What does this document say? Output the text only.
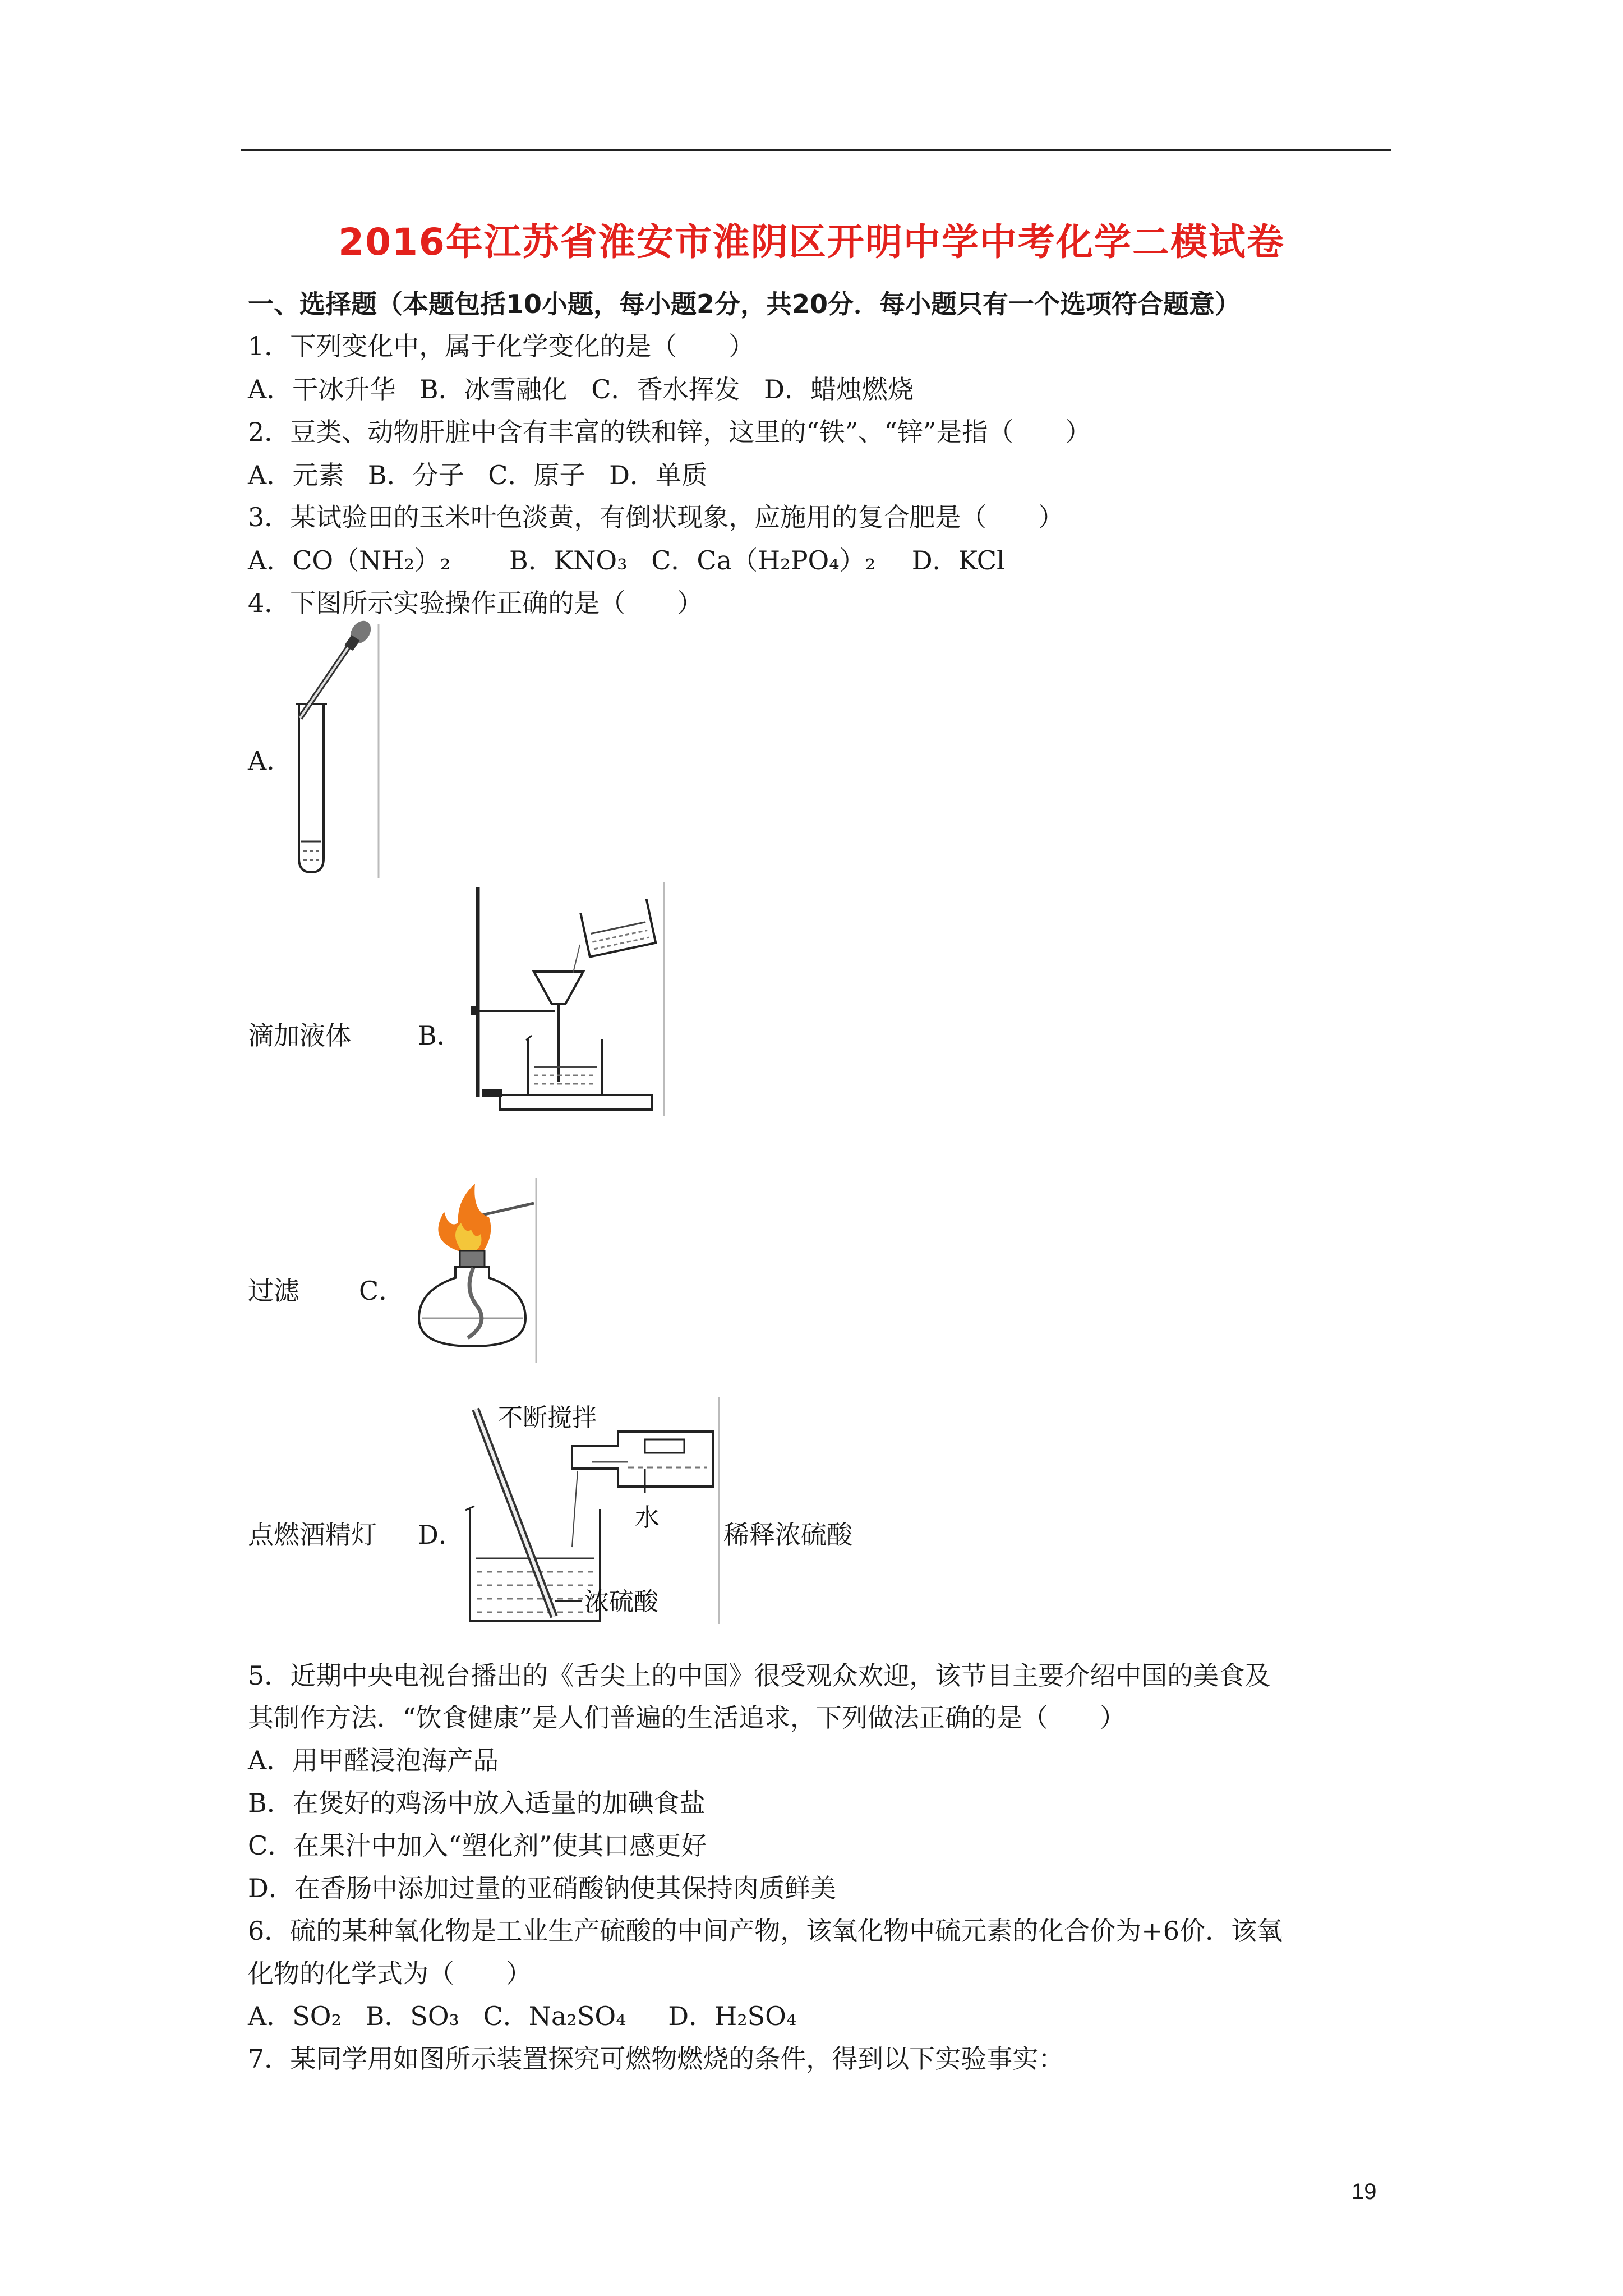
2016年江苏省淮安市淮阴区开明中学中考化学二模试卷
一、选择题（本题包括10小题，每小题2分，共20分．每小题只有一个选项符合题意）
1．下列变化中，属于化学变化的是（　　）
A．干冰升华 B．冰雪融化 C．香水挥发 D．蜡烛燃烧
2．豆类、动物肝脏中含有丰富的铁和锌，这里的“铁”、“锌”是指（　　）
A．元素 B．分子 C．原子 D．单质
3．某试验田的玉米叶色淡黄，有倒状现象，应施用的复合肥是（　　）
A．CO（NH₂）₂ B．KNO₃ C．Ca（H₂PO₄）₂ D．KCl
4．下图所示实验操作正确的是（　　）
A．
滴加液体	B．
过滤 C．
点燃酒精灯 D．
不断搅拌
水
浓硫酸
稀释浓硫酸
5．近期中央电视台播出的《舌尖上的中国》很受观众欢迎，该节目主要介绍中国的美食及
其制作方法．“饮食健康”是人们普遍的生活追求，下列做法正确的是（　　）
A．用甲醛浸泡海产品
B．在煲好的鸡汤中放入适量的加碘食盐
C．在果汁中加入“塑化剂”使其口感更好
D．在香肠中添加过量的亚硝酸钠使其保持肉质鲜美
6．硫的某种氧化物是工业生产硫酸的中间产物，该氧化物中硫元素的化合价为+6价．该氧
化物的化学式为（　　）
A．SO₂ B．SO₃ C．Na₂SO₄ D．H₂SO₄
7．某同学用如图所示装置探究可燃物燃烧的条件，得到以下实验事实：
19
